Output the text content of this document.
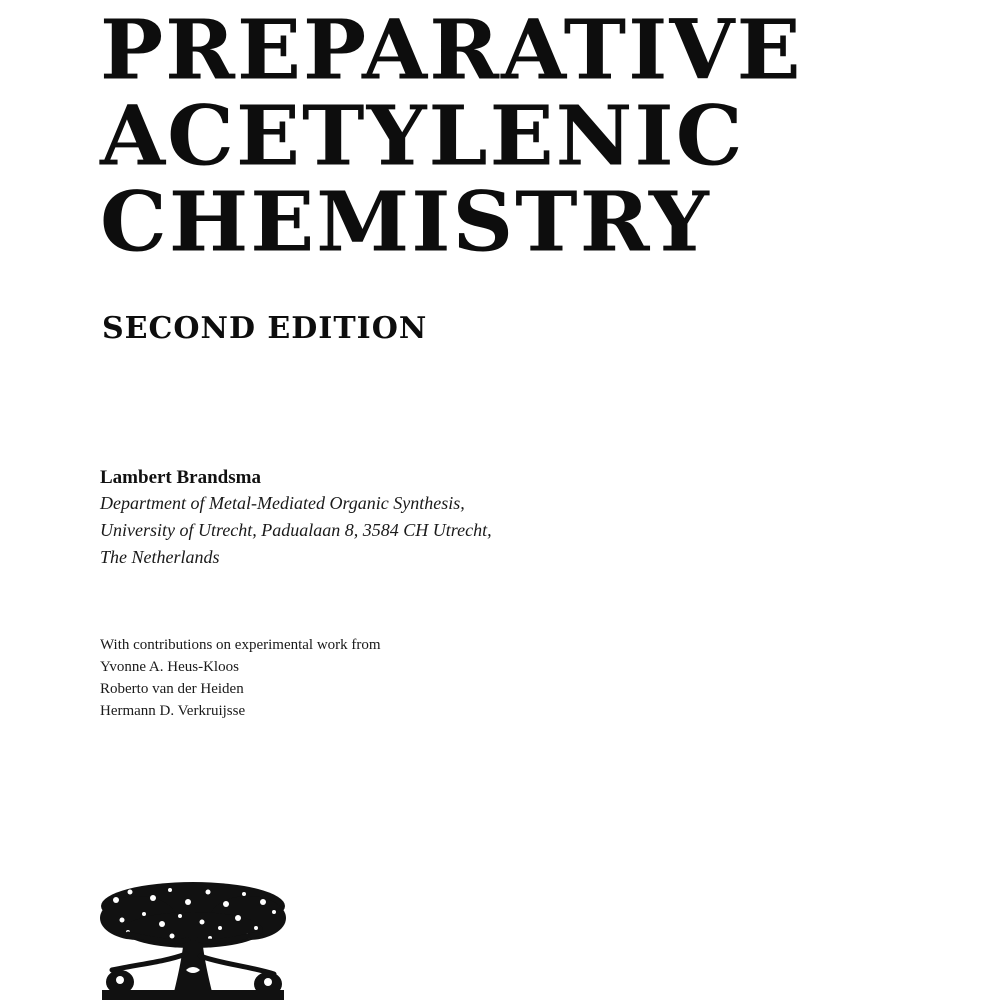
PREPARATIVE
ACETYLENIC
CHEMISTRY
SECOND EDITION
Lambert Brandsma
Department of Metal-Mediated Organic Synthesis,
University of Utrecht, Padualaan 8, 3584 CH Utrecht,
The Netherlands
With contributions on experimental work from
Yvonne A. Heus-Kloos
Roberto van der Heiden
Hermann D. Verkruijsse
